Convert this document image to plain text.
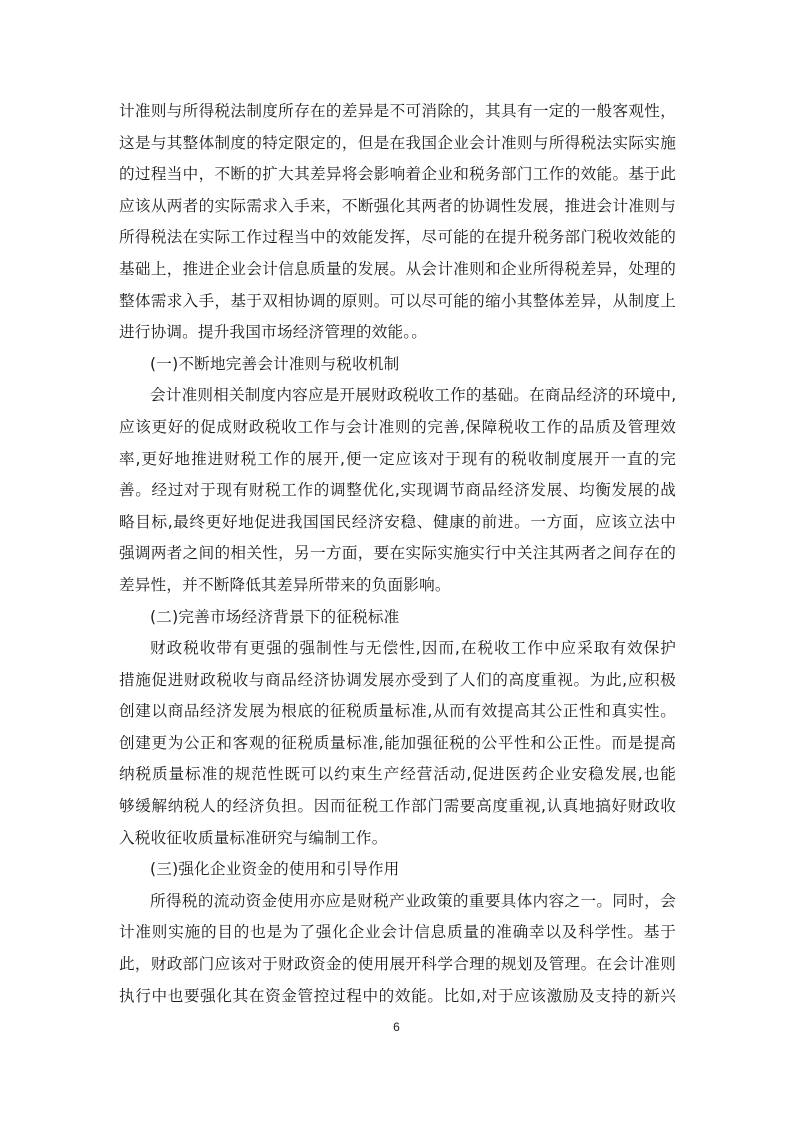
计准则与所得税法制度所存在的差异是不可消除的，其具有一定的一般客观性，
这是与其整体制度的特定限定的，但是在我国企业会计准则与所得税法实际实施
的过程当中，不断的扩大其差异将会影响着企业和税务部门工作的效能。基于此
应该从两者的实际需求入手来，不断强化其两者的协调性发展，推进会计准则与
所得税法在实际工作过程当中的效能发挥，尽可能的在提升税务部门税收效能的
基础上，推进企业会计信息质量的发展。从会计准则和企业所得税差异，处理的
整体需求入手，基于双相协调的原则。可以尽可能的缩小其整体差异，从制度上
进行协调。提升我国市场经济管理的效能。。
(一)不断地完善会计准则与税收机制
会计准则相关制度内容应是开展财政税收工作的基础。在商品经济的环境中,
应该更好的促成财政税收工作与会计准则的完善,保障税收工作的品质及管理效
率,更好地推进财税工作的展开,便一定应该对于现有的税收制度展开一直的完
善。经过对于现有财税工作的调整优化,实现调节商品经济发展、均衡发展的战
略目标,最终更好地促进我国国民经济安稳、健康的前进。一方面，应该立法中
强调两者之间的相关性，另一方面，要在实际实施实行中关注其两者之间存在的
差异性，并不断降低其差异所带来的负面影响。
(二)完善市场经济背景下的征税标准
财政税收带有更强的强制性与无偿性,因而,在税收工作中应采取有效保护
措施促进财政税收与商品经济协调发展亦受到了人们的高度重视。为此,应积极
创建以商品经济发展为根底的征税质量标准,从而有效提高其公正性和真实性。
创建更为公正和客观的征税质量标准,能加强征税的公平性和公正性。而是提高
纳税质量标准的规范性既可以约束生产经营活动,促进医药企业安稳发展,也能
够缓解纳税人的经济负担。因而征税工作部门需要高度重视,认真地搞好财政收
入税收征收质量标准研究与编制工作。
(三)强化企业资金的使用和引导作用
所得税的流动资金使用亦应是财税产业政策的重要具体内容之一。同时，会
计准则实施的目的也是为了强化企业会计信息质量的准确幸以及科学性。基于
此，财政部门应该对于财政资金的使用展开科学合理的规划及管理。在会计准则
执行中也要强化其在资金管控过程中的效能。比如,对于应该激励及支持的新兴
6
